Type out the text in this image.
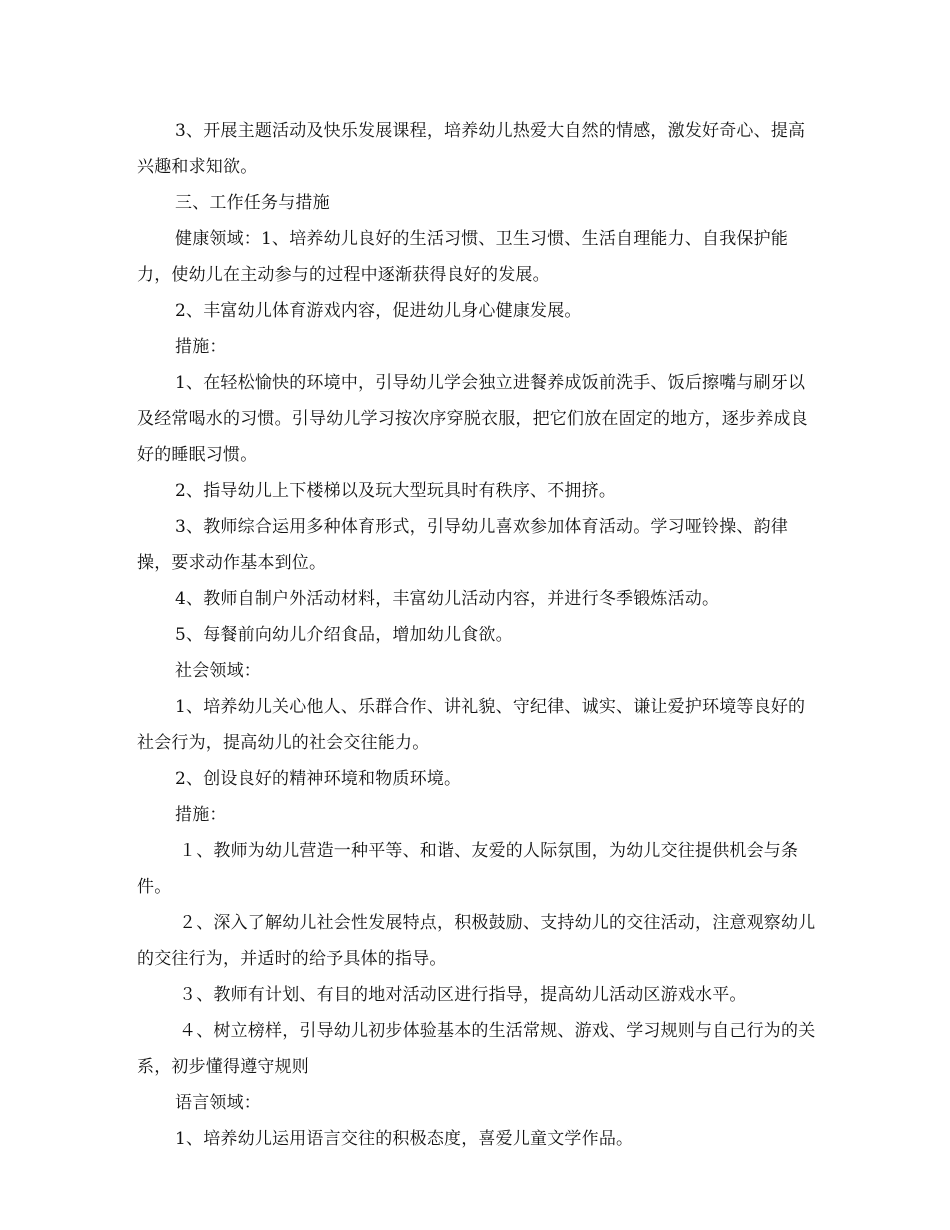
3、开展主题活动及快乐发展课程，培养幼儿热爱大自然的情感，激发好奇心、提高兴趣和求知欲。

三、工作任务与措施

健康领域：1、培养幼儿良好的生活习惯、卫生习惯、生活自理能力、自我保护能力，使幼儿在主动参与的过程中逐渐获得良好的发展。

2、丰富幼儿体育游戏内容，促进幼儿身心健康发展。

措施：

1、在轻松愉快的环境中，引导幼儿学会独立进餐养成饭前洗手、饭后擦嘴与刷牙以及经常喝水的习惯。引导幼儿学习按次序穿脱衣服，把它们放在固定的地方，逐步养成良好的睡眠习惯。

2、指导幼儿上下楼梯以及玩大型玩具时有秩序、不拥挤。

3、教师综合运用多种体育形式，引导幼儿喜欢参加体育活动。学习哑铃操、韵律操，要求动作基本到位。

4、教师自制户外活动材料，丰富幼儿活动内容，并进行冬季锻炼活动。

5、每餐前向幼儿介绍食品，增加幼儿食欲。

社会领域：

1、培养幼儿关心他人、乐群合作、讲礼貌、守纪律、诚实、谦让爱护环境等良好的社会行为，提高幼儿的社会交往能力。

2、创设良好的精神环境和物质环境。

措施：

１、教师为幼儿营造一种平等、和谐、友爱的人际氛围，为幼儿交往提供机会与条件。

２、深入了解幼儿社会性发展特点，积极鼓励、支持幼儿的交往活动，注意观察幼儿的交往行为，并适时的给予具体的指导。

３、教师有计划、有目的地对活动区进行指导，提高幼儿活动区游戏水平。

４、树立榜样，引导幼儿初步体验基本的生活常规、游戏、学习规则与自己行为的关系，初步懂得遵守规则

语言领域：

1、培养幼儿运用语言交往的积极态度，喜爱儿童文学作品。
